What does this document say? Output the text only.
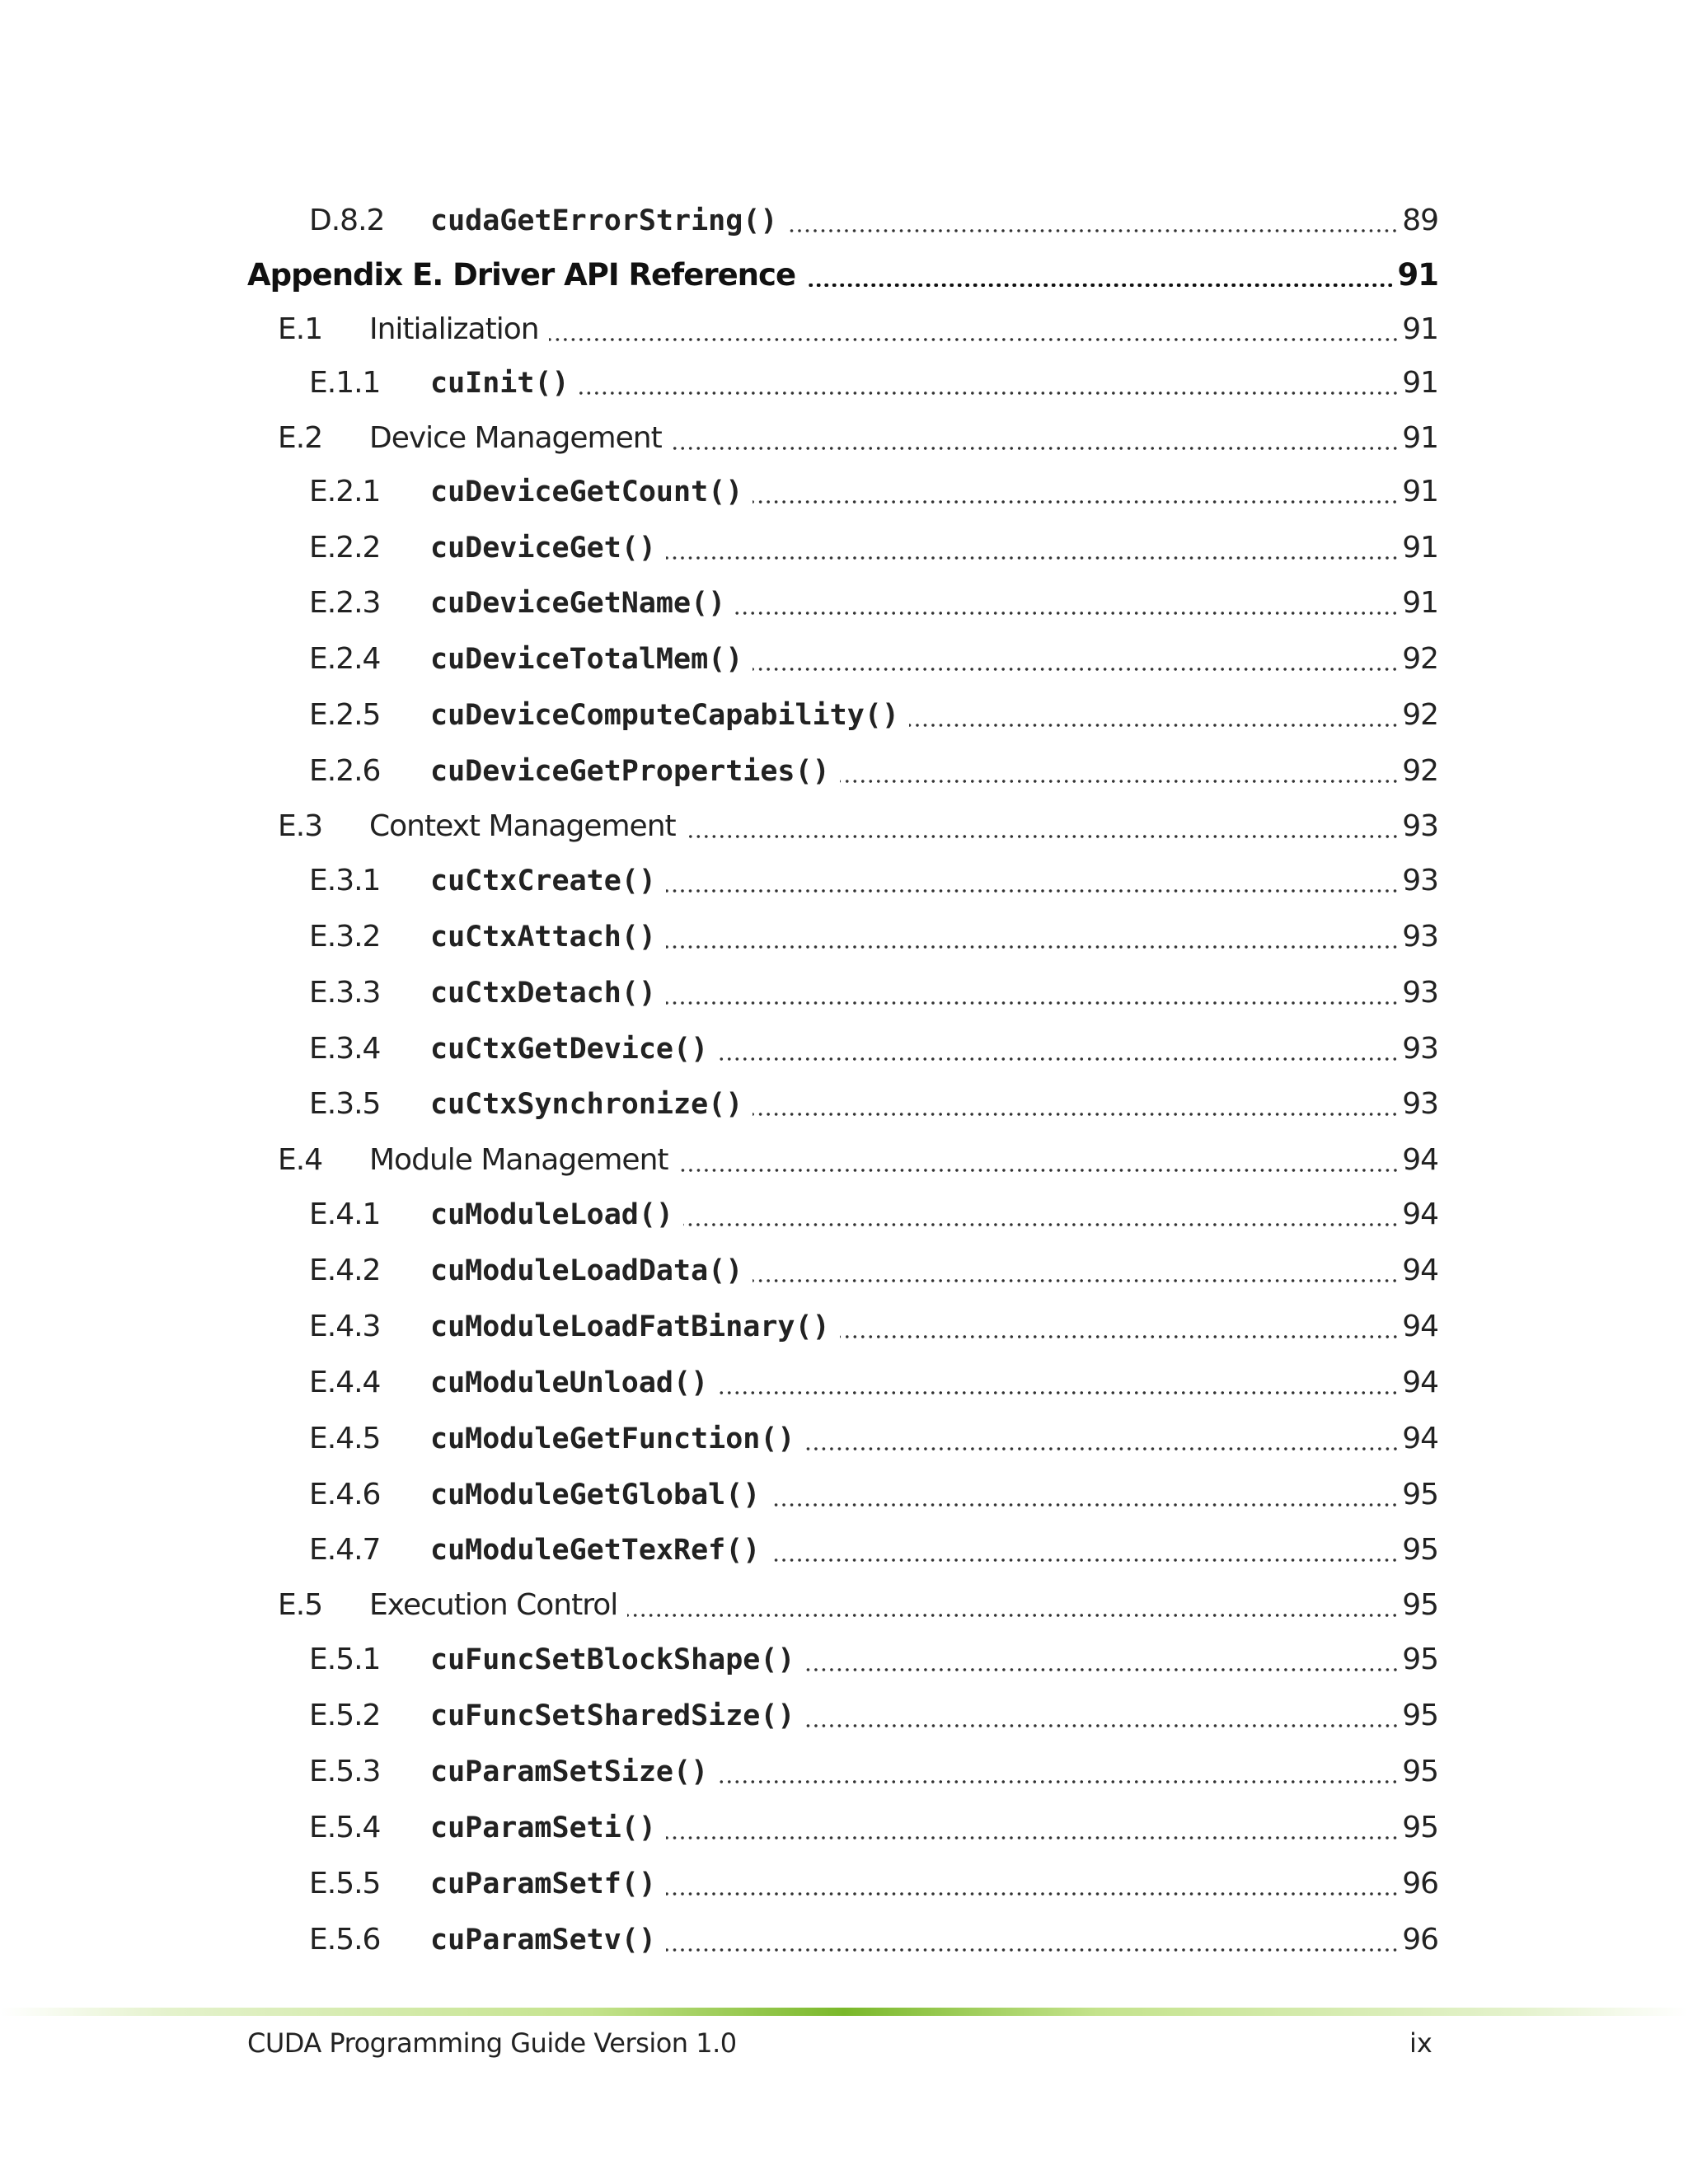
D.8.2 cudaGetErrorString()	89
Appendix E. Driver API Reference	91
E.1 Initialization	91
E.1.1 cuInit()	91
E.2 Device Management	91
E.2.1 cuDeviceGetCount()	91
E.2.2 cuDeviceGet()	91
E.2.3 cuDeviceGetName()	91
E.2.4 cuDeviceTotalMem()	92
E.2.5 cuDeviceComputeCapability()	92
E.2.6 cuDeviceGetProperties()	92
E.3 Context Management	93
E.3.1 cuCtxCreate()	93
E.3.2 cuCtxAttach()	93
E.3.3 cuCtxDetach()	93
E.3.4 cuCtxGetDevice()	93
E.3.5 cuCtxSynchronize()	93
E.4 Module Management	94
E.4.1 cuModuleLoad()	94
E.4.2 cuModuleLoadData()	94
E.4.3 cuModuleLoadFatBinary()	94
E.4.4 cuModuleUnload()	94
E.4.5 cuModuleGetFunction()	94
E.4.6 cuModuleGetGlobal()	95
E.4.7 cuModuleGetTexRef()	95
E.5 Execution Control	95
E.5.1 cuFuncSetBlockShape()	95
E.5.2 cuFuncSetSharedSize()	95
E.5.3 cuParamSetSize()	95
E.5.4 cuParamSeti()	95
E.5.5 cuParamSetf()	96
E.5.6 cuParamSetv()	96
CUDA Programming Guide Version 1.0	ix
